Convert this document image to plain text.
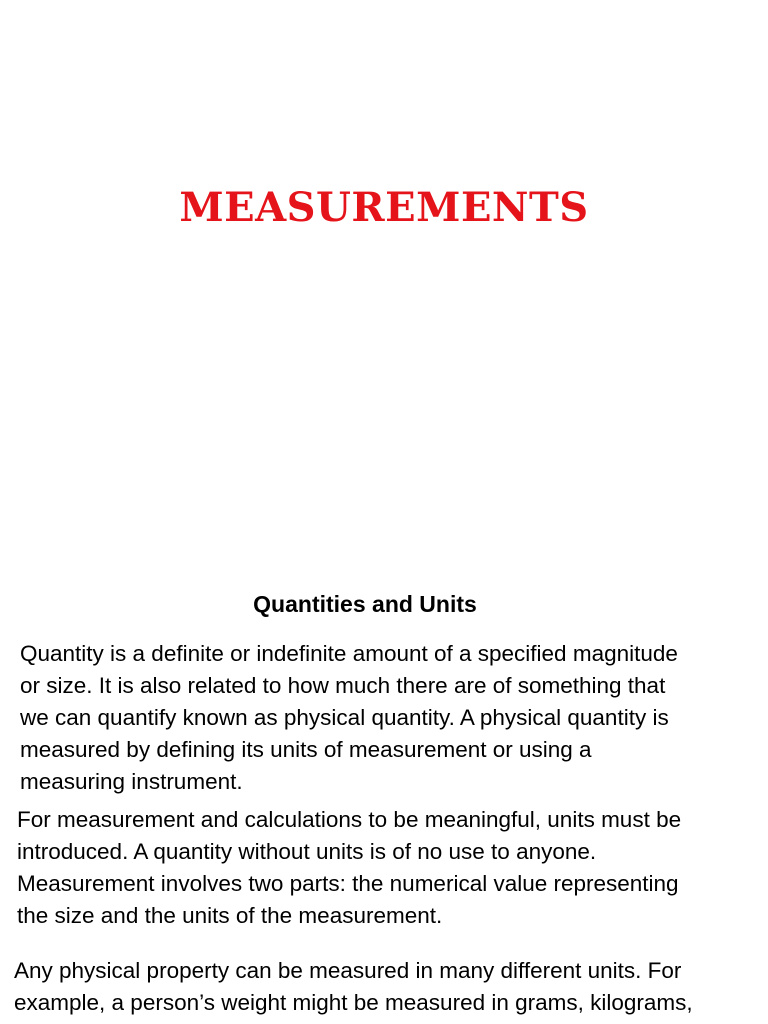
MEASUREMENTS
Quantities and Units

Quantity is a definite or indefinite amount of a specified magnitude
or size. It is also related to how much there are of something that
we can quantify known as physical quantity. A physical quantity is
measured by defining its units of measurement or using a
measuring instrument.

For measurement and calculations to be meaningful, units must be
introduced. A quantity without units is of no use to anyone.
Measurement involves two parts: the numerical value representing
the size and the units of the measurement.

Any physical property can be measured in many different units. For
example, a person’s weight might be measured in grams, kilograms,
